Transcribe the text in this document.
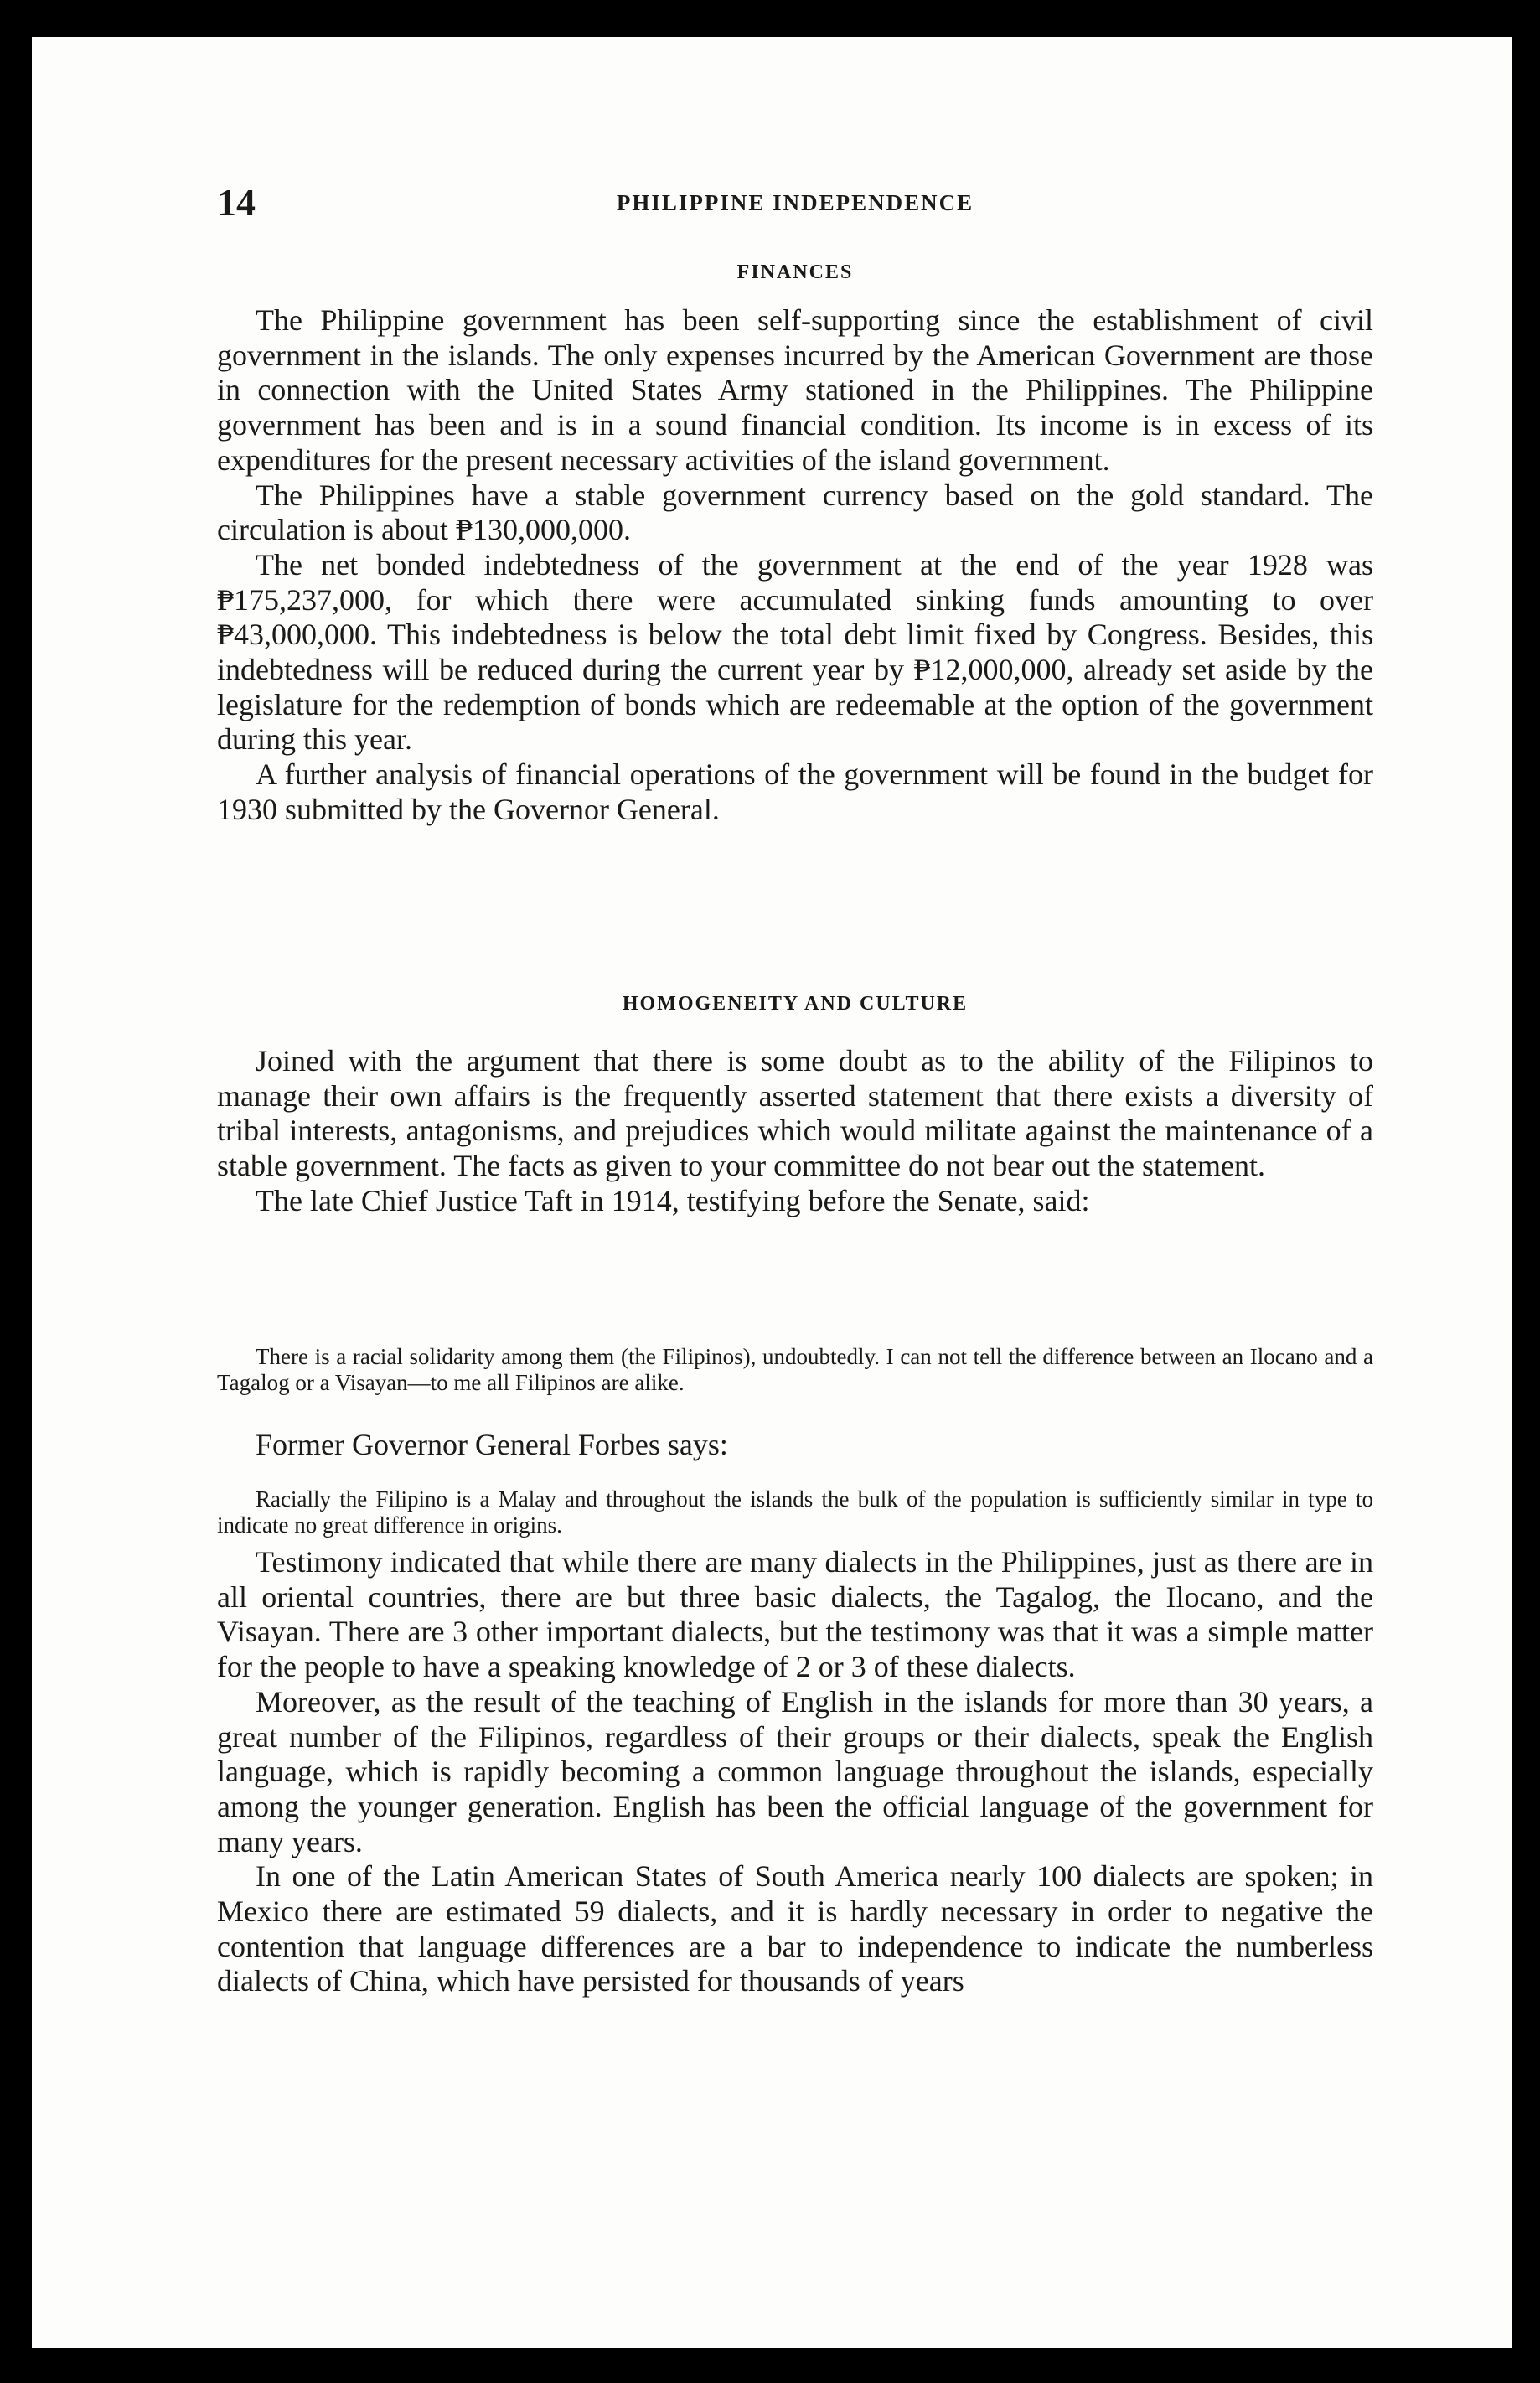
14	PHILIPPINE INDEPENDENCE
FINANCES

The Philippine government has been self-supporting since the establishment of civil government in the islands. The only expenses incurred by the American Government are those in connection with the United States Army stationed in the Philippines. The Philippine government has been and is in a sound financial condition. Its income is in excess of its expenditures for the present necessary activities of the island government.

The Philippines have a stable government currency based on the gold standard. The circulation is about ₱130,000,000.

The net bonded indebtedness of the government at the end of the year 1928 was ₱175,237,000, for which there were accumulated sinking funds amounting to over ₱43,000,000. This indebtedness is below the total debt limit fixed by Congress. Besides, this indebtedness will be reduced during the current year by ₱12,000,000, already set aside by the legislature for the redemption of bonds which are redeemable at the option of the government during this year.

A further analysis of financial operations of the government will be found in the budget for 1930 submitted by the Governor General.

HOMOGENEITY AND CULTURE

Joined with the argument that there is some doubt as to the ability of the Filipinos to manage their own affairs is the frequently asserted statement that there exists a diversity of tribal interests, antagonisms, and prejudices which would militate against the maintenance of a stable government. The facts as given to your committee do not bear out the statement.

The late Chief Justice Taft in 1914, testifying before the Senate, said:

There is a racial solidarity among them (the Filipinos), undoubtedly. I can not tell the difference between an Ilocano and a Tagalog or a Visayan—to me all Filipinos are alike.

Former Governor General Forbes says:

Racially the Filipino is a Malay and throughout the islands the bulk of the population is sufficiently similar in type to indicate no great difference in origins.

Testimony indicated that while there are many dialects in the Philippines, just as there are in all oriental countries, there are but three basic dialects, the Tagalog, the Ilocano, and the Visayan. There are 3 other important dialects, but the testimony was that it was a simple matter for the people to have a speaking knowledge of 2 or 3 of these dialects.

Moreover, as the result of the teaching of English in the islands for more than 30 years, a great number of the Filipinos, regardless of their groups or their dialects, speak the English language, which is rapidly becoming a common language throughout the islands, especially among the younger generation. English has been the official language of the government for many years.

In one of the Latin American States of South America nearly 100 dialects are spoken; in Mexico there are estimated 59 dialects, and it is hardly necessary in order to negative the contention that language differences are a bar to independence to indicate the numberless dialects of China, which have persisted for thousands of years
